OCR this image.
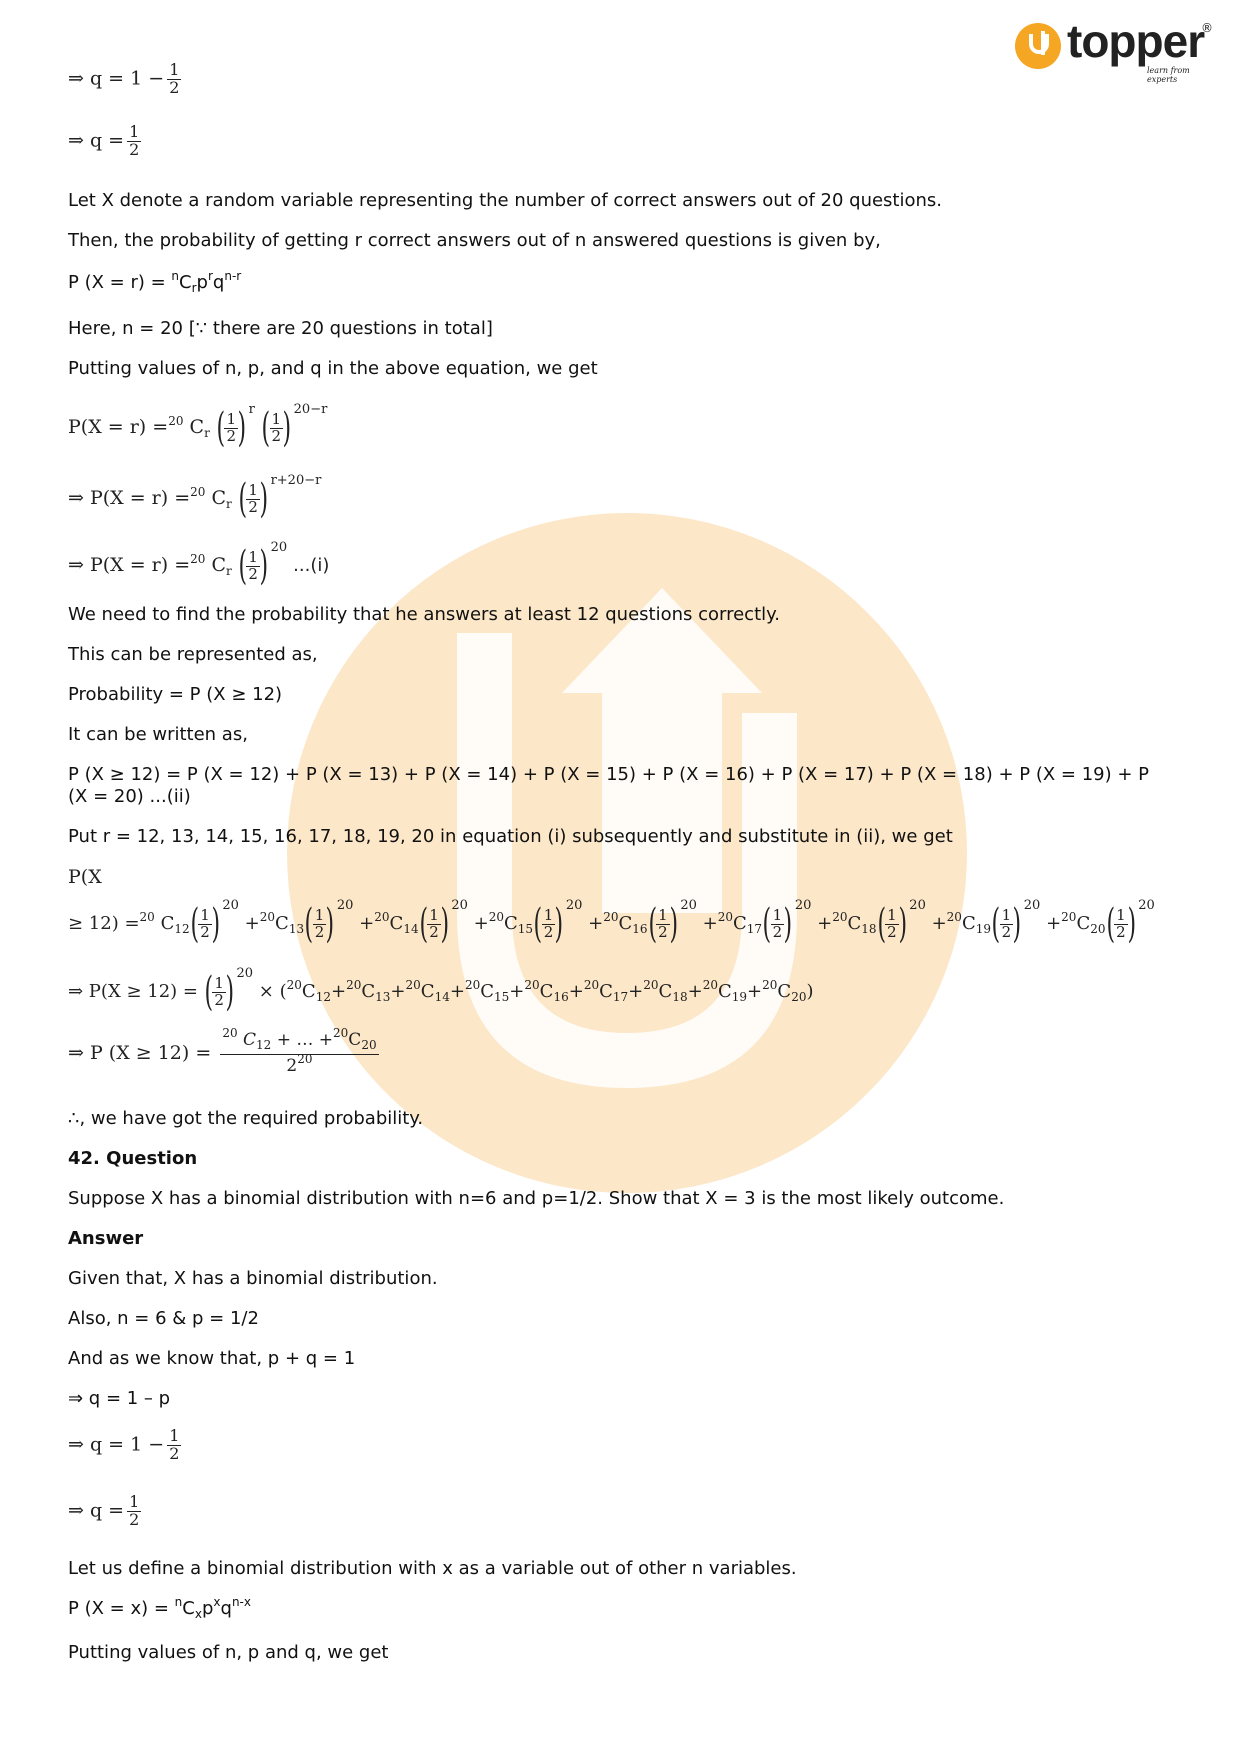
topper
®
learn from experts
⇒ $q = 1 - \frac{1}{2}$
⇒ $q = \frac{1}{2}$
Let X denote a random variable representing the number of correct answers out of 20 questions.
Then, the probability of getting r correct answers out of n answered questions is given by,
P $(X = r) = ^nC_rp^rq^{n-r}$
Here, n = 20 [∵ there are 20 questions in total]
Putting values of n, p, and q in the above equation, we get
P(X = r) =$^{20}$ $C_r$ ( $\frac{1}{2}$ ) $^r$ ( $\frac{1}{2}$ ) $^{20-r}$
⇒ P(X = r) =$^{20}$ $C_r$ ( $\frac{1}{2}$ ) $^{r+20-r}$
⇒ P(X = r) =$^{20}$ $C_r$ ( $\frac{1}{2}$ ) $^{20}$ ...(i)
We need to find the probability that he answers at least 12 questions correctly.
This can be represented as,
Probability = P (X ≥ 12)
It can be written as,
P (X ≥ 12) = P (X = 12) + P (X = 13) + P (X = 14) + P (X = 15) + P (X = 16) + P (X = 17) + P (X = 18) + P (X = 19) + P
(X = 20) ...(ii)
Put r = 12, 13, 14, 15, 16, 17, 18, 19, 20 in equation (i) subsequently and substitute in (ii), we get
P(X
≥ 12) =$^{20}$ $C_{12}$ ( $\frac{1}{2}$ ) $^{20} +^{20}C_{13}$ ( $\frac{1}{2}$ ) $^{20} +^{20}C_{14}$ ( $\frac{1}{2}$ ) $^{20} +^{20}C_{15}$ ( $\frac{1}{2}$ ) $^{20} +^{20}C_{16}$ ( $\frac{1}{2}$ ) $^{20} +^{20}C_{17}$ ( $\frac{1}{2}$ ) $^{20} +^{20}C_{18}$ ( $\frac{1}{2}$ ) $^{20} +^{20}C_{19}$ ( $\frac{1}{2}$ ) $^{20} +^{20}C_{20}$ ( $\frac{1}{2}$ ) $^{20}$
⇒ P(X ≥ 12) = ( $\frac{1}{2}$ ) $^{20} \times (^{20}C_{12}+^{20}C_{13}+^{20}C_{14}+^{20}C_{15}+^{20}C_{16}+^{20}C_{17}+^{20}C_{18}+^{20}C_{19}+^{20}C_{20})$
⇒ P $(X \ge 12) = \frac{^{20} C_{12} + \dots +^{20}C_{20}}{2^{20}}$
∴, we have got the required probability.
42. Question
Suppose X has a binomial distribution with n=6 and p=1/2. Show that X = 3 is the most likely outcome.
Answer
Given that, X has a binomial distribution.
Also, n = 6 & p = 1/2
And as we know that, p + q = 1
⇒ q = 1 – p
⇒ $q = 1 - \frac{1}{2}$
⇒ $q = \frac{1}{2}$
Let us define a binomial distribution with x as a variable out of other n variables.
P $(X = x) = ^nC_xp^xq^{n-x}$
Putting values of n, p and q, we get
